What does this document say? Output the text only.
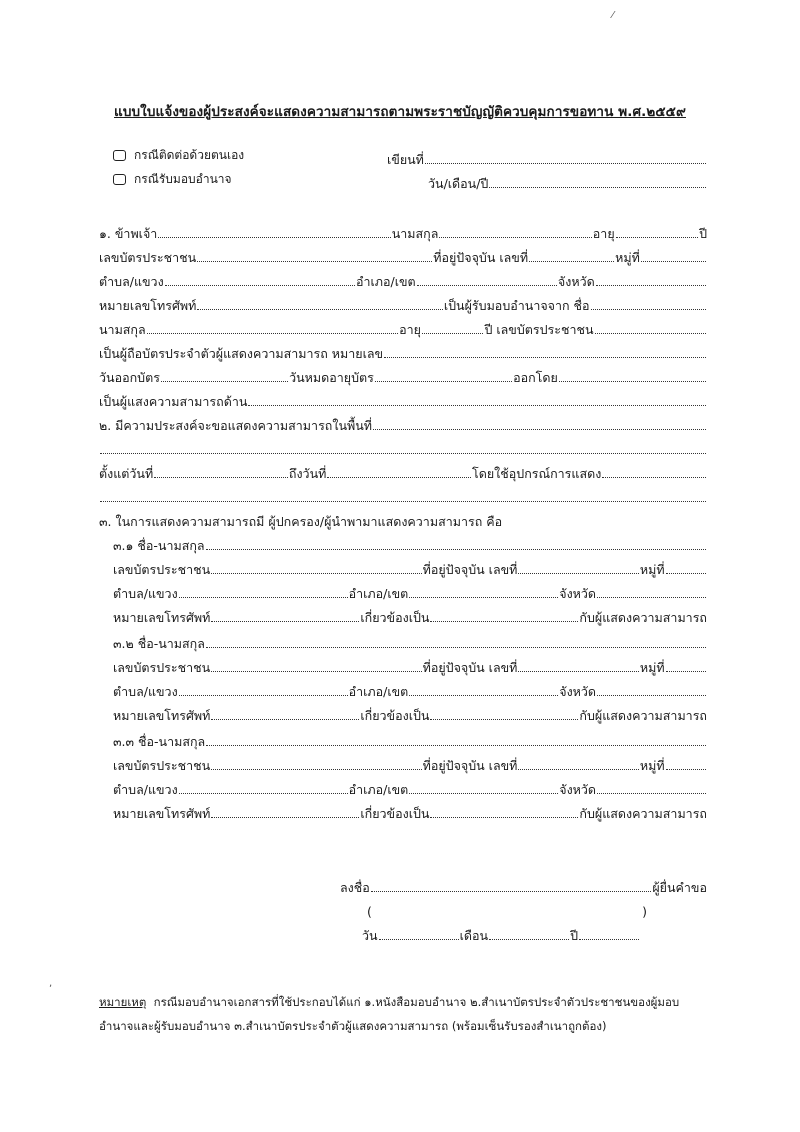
⁄
แบบใบแจ้งของผู้ประสงค์จะแสดงความสามารถตามพระราชบัญญัติควบคุมการขอทาน พ.ศ.๒๕๕๙
กรณีติดต่อด้วยตนเอง
กรณีรับมอบอำนาจ
เขียนที่
วัน/เดือน/ปี
๑. ข้าพเจ้า	นามสกุล	อายุ	ปี
เลขบัตรประชาชน	ที่อยู่ปัจจุบัน เลขที่	หมู่ที่
ตำบล/แขวง	อำเภอ/เขต	จังหวัด
หมายเลขโทรศัพท์	เป็นผู้รับมอบอำนาจจาก ชื่อ
นามสกุล	อายุ	ปี เลขบัตรประชาชน
เป็นผู้ถือบัตรประจำตัวผู้แสดงความสามารถ หมายเลข
วันออกบัตร	วันหมดอายุบัตร	ออกโดย
เป็นผู้แสงความสามารถด้าน
๒. มีความประสงค์จะขอแสดงความสามารถในพื้นที่
ตั้งแต่วันที่	ถึงวันที่	โดยใช้อุปกรณ์การแสดง
๓. ในการแสดงความสามารถมี ผู้ปกครอง/ผู้นำพามาแสดงความสามารถ คือ
๓.๑ ชื่อ-นามสกุล
เลขบัตรประชาชน	ที่อยู่ปัจจุบัน เลขที่	หมู่ที่
ตำบล/แขวง	อำเภอ/เขต	จังหวัด
หมายเลขโทรศัพท์	เกี่ยวข้องเป็น	กับผู้แสดงความสามารถ
๓.๒ ชื่อ-นามสกุล
เลขบัตรประชาชน	ที่อยู่ปัจจุบัน เลขที่	หมู่ที่
ตำบล/แขวง	อำเภอ/เขต	จังหวัด
หมายเลขโทรศัพท์	เกี่ยวข้องเป็น	กับผู้แสดงความสามารถ
๓.๓ ชื่อ-นามสกุล
เลขบัตรประชาชน	ที่อยู่ปัจจุบัน เลขที่	หมู่ที่
ตำบล/แขวง	อำเภอ/เขต	จังหวัด
หมายเลขโทรศัพท์	เกี่ยวข้องเป็น	กับผู้แสดงความสามารถ
ลงชื่อ	ผู้ยื่นคำขอ
(	)
วัน	เดือน	ปี
,
หมายเหตุ กรณีมอบอำนาจเอกสารที่ใช้ประกอบได้แก่ ๑.หนังสือมอบอำนาจ ๒.สำเนาบัตรประจำตัวประชาชนของผู้มอบ
อำนาจและผู้รับมอบอำนาจ ๓.สำเนาบัตรประจำตัวผู้แสดงความสามารถ (พร้อมเซ็นรับรองสำเนาถูกต้อง)
